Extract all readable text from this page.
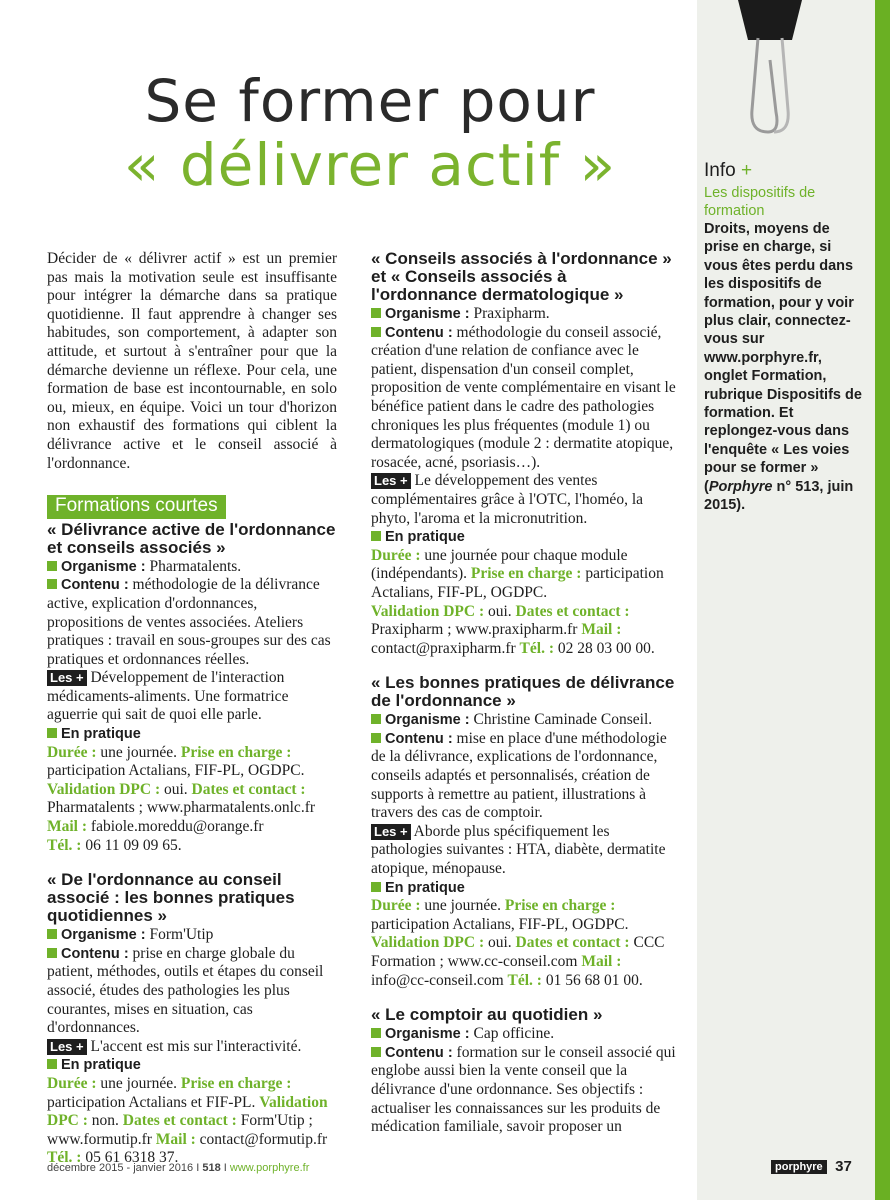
Se former pour
« délivrer actif »

Décider de « délivrer actif » est un premier pas mais la motivation seule est insuffisante pour intégrer la démarche dans sa pratique quotidienne. Il faut apprendre à changer ses habitudes, son comportement, à adapter son attitude, et surtout à s'entraîner pour que la démarche devienne un réflexe. Pour cela, une formation de base est incontournable, en solo ou, mieux, en équipe. Voici un tour d'horizon non exhaustif des formations qui ciblent la délivrance active et le conseil associé à l'ordonnance.

Formations courtes
« Délivrance active de l'ordonnance et conseils associés »
Organisme : Pharmatalents.
Contenu : méthodologie de la délivrance active, explication d'ordonnances, propositions de ventes associées. Ateliers pratiques : travail en sous-groupes sur des cas pratiques et ordonnances réelles.
Les + Développement de l'interaction médicaments-aliments. Une formatrice aguerrie qui sait de quoi elle parle.
En pratique
Durée : une journée. Prise en charge : participation Actalians, FIF-PL, OGDPC.
Validation DPC : oui. Dates et contact : Pharmatalents ; www.pharmatalents.onlc.fr
Mail : fabiole.moreddu@orange.fr
Tél. : 06 11 09 09 65.
« De l'ordonnance au conseil associé : les bonnes pratiques quotidiennes »
Organisme : Form'Utip
Contenu : prise en charge globale du patient, méthodes, outils et étapes du conseil associé, études des pathologies les plus courantes, mises en situation, cas d'ordonnances.
Les + L'accent est mis sur l'interactivité.
En pratique
Durée : une journée. Prise en charge : participation Actalians et FIF-PL. Validation DPC : non. Dates et contact : Form'Utip ; www.formutip.fr Mail : contact@formutip.fr
Tél. : 05 61 6318 37.
« Conseils associés à l'ordonnance » et « Conseils associés à l'ordonnance dermatologique »
Organisme : Praxipharm.
Contenu : méthodologie du conseil associé, création d'une relation de confiance avec le patient, dispensation d'un conseil complet, proposition de vente complémentaire en visant le bénéfice patient dans le cadre des pathologies chroniques les plus fréquentes (module 1) ou dermatologiques (module 2 : dermatite atopique, rosacée, acné, psoriasis…).
Les + Le développement des ventes complémentaires grâce à l'OTC, l'homéo, la phyto, l'aroma et la micronutrition.
En pratique
Durée : une journée pour chaque module (indépendants). Prise en charge : participation Actalians, FIF-PL, OGDPC.
Validation DPC : oui. Dates et contact : Praxipharm ; www.praxipharm.fr Mail : contact@praxipharm.fr Tél. : 02 28 03 00 00.
« Les bonnes pratiques de délivrance de l'ordonnance »
Organisme : Christine Caminade Conseil.
Contenu : mise en place d'une méthodologie de la délivrance, explications de l'ordonnance, conseils adaptés et personnalisés, création de supports à remettre au patient, illustrations à travers des cas de comptoir.
Les + Aborde plus spécifiquement les pathologies suivantes : HTA, diabète, dermatite atopique, ménopause.
En pratique
Durée : une journée. Prise en charge : participation Actalians, FIF-PL, OGDPC.
Validation DPC : oui. Dates et contact : CCC Formation ; www.cc-conseil.com Mail : info@cc-conseil.com Tél. : 01 56 68 01 00.
« Le comptoir au quotidien »
Organisme : Cap officine.
Contenu : formation sur le conseil associé qui englobe aussi bien la vente conseil que la délivrance d'une ordonnance. Ses objectifs : actualiser les connaissances sur les produits de médication familiale, savoir proposer un
Info +
Les dispositifs de formation
Droits, moyens de prise en charge, si vous êtes perdu dans les dispositifs de formation, pour y voir plus clair, connectez-vous sur www.porphyre.fr, onglet Formation, rubrique Dispositifs de formation. Et replongez-vous dans l'enquête « Les voies pour se former » (Porphyre n° 513, juin 2015).
décembre 2015 - janvier 2016 I 518 I www.porphyre.fr	porphyre 37
